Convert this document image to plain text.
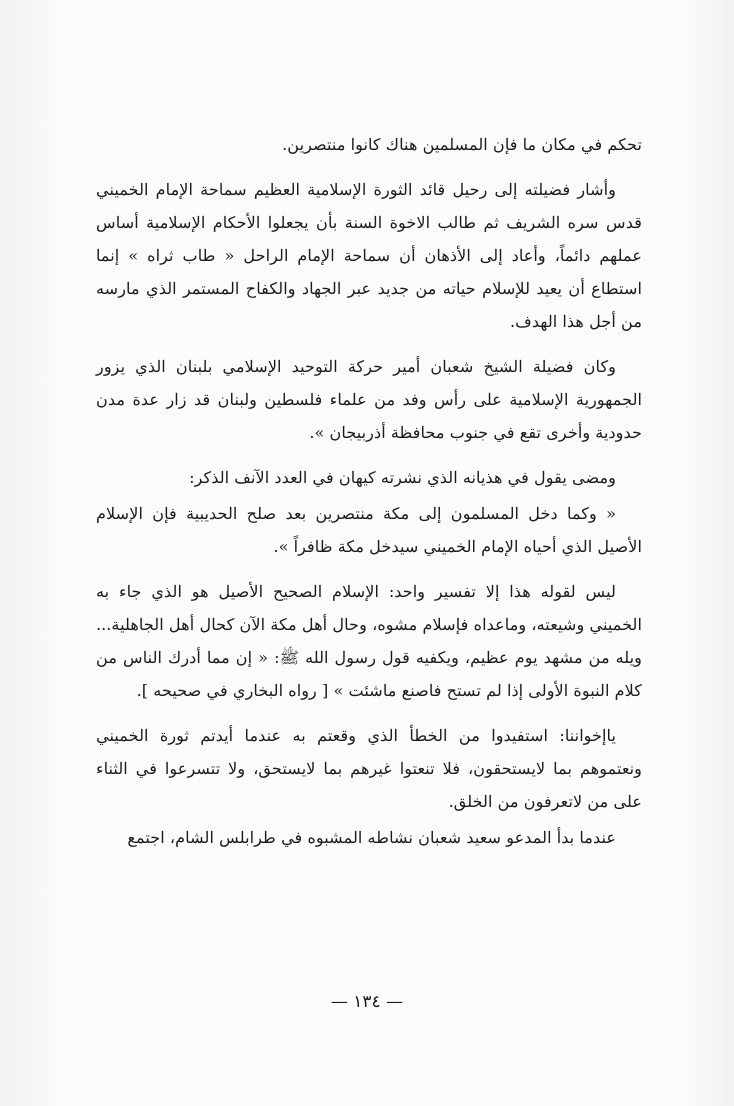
تحكم في مكان ما فإن المسلمين هناك كانوا منتصرين.

وأشار فضيلته إلى رحيل قائد الثورة الإسلامية العظيم سماحة الإمام الخميني قدس سره الشريف ثم طالب الاخوة السنة بأن يجعلوا الأحكام الإسلامية أساس عملهم دائماً، وأعاد إلى الأذهان أن سماحة الإمام الراحل « طاب ثراه » إنما استطاع أن يعيد للإسلام حياته من جديد عبر الجهاد والكفاح المستمر الذي مارسه من أجل هذا الهدف.

وكان فضيلة الشيخ شعبان أمير حركة التوحيد الإسلامي بلبنان الذي يزور الجمهورية الإسلامية على رأس وفد من علماء فلسطين ولبنان قد زار عدة مدن حدودية وأخرى تقع في جنوب محافظة أذربيجان ».

ومضى يقول في هذيانه الذي نشرته كيهان في العدد الآنف الذكر:

« وكما دخل المسلمون إلى مكة منتصرين بعد صلح الحديبية فإن الإسلام الأصيل الذي أحياه الإمام الخميني سيدخل مكة ظافراً ».

ليس لقوله هذا إلا تفسير واحد: الإسلام الصحيح الأصيل هو الذي جاء به الخميني وشيعته، وماعداه فإسلام مشوه، وحال أهل مكة الآن كحال أهل الجاهلية... ويله من مشهد يوم عظيم، ويكفيه قول رسول الله ﷺ: « إن مما أدرك الناس من كلام النبوة الأولى إذا لم تستح فاصنع ماشئت » [ رواه البخاري في صحيحه ].

ياإخواننا: استفيدوا من الخطأ الذي وقعتم به عندما أيدتم ثورة الخميني ونعتموهم بما لايستحقون، فلا تنعتوا غيرهم بما لايستحق، ولا تتسرعوا في الثناء على من لاتعرفون من الخلق.

عندما بدأ المدعو سعيد شعبان نشاطه المشبوه في طرابلس الشام، اجتمع

— ١٣٤ —
